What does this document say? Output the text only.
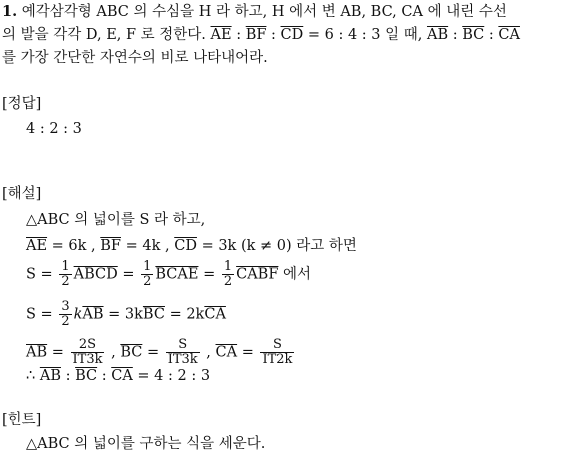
1. 예각삼각형 ABC 의 수심을 H 라 하고, H 에서 변 AB, BC, CA 에 내린 수선
의 발을 각각 D, E, F 로 정한다. $\overline{AE}$ : $\overline{BF}$ : $\overline{CD} = 6$ : 4 : 3 일 때, $\overline{AB}$ : $\overline{BC}$ : $\overline{CA}$
를 가장 간단한 자연수의 비로 나타내어라.
[정답]
4 : 2 : 3
[해설]
△ABC 의 넓이를 S 라 하고,
$\overline{AE} = 6k$ , $\overline{BF} = 4k$ , $\overline{CD} = 3k$ (k ≠ 0) 라고 하면
$S = \frac{1}{2}$ ABCD = $\frac{1}{2}$ BCAE = $\frac{1}{2}$ CABF 에서
$S = \frac{3}{2} k\overline{AB} = 3k\overline{BC} = 2k\overline{CA}$
$\overline{AB} = \frac{2S}{IT3k}$ , $\overline{BC} = \frac{S}{IT3k}$ , $\overline{CA} = \frac{S}{IT2k}$
∴ $\overline{AB}$ : $\overline{BC}$ : $\overline{CA} = 4$ : 2 : 3
[힌트]
△ABC 의 넓이를 구하는 식을 세운다.
